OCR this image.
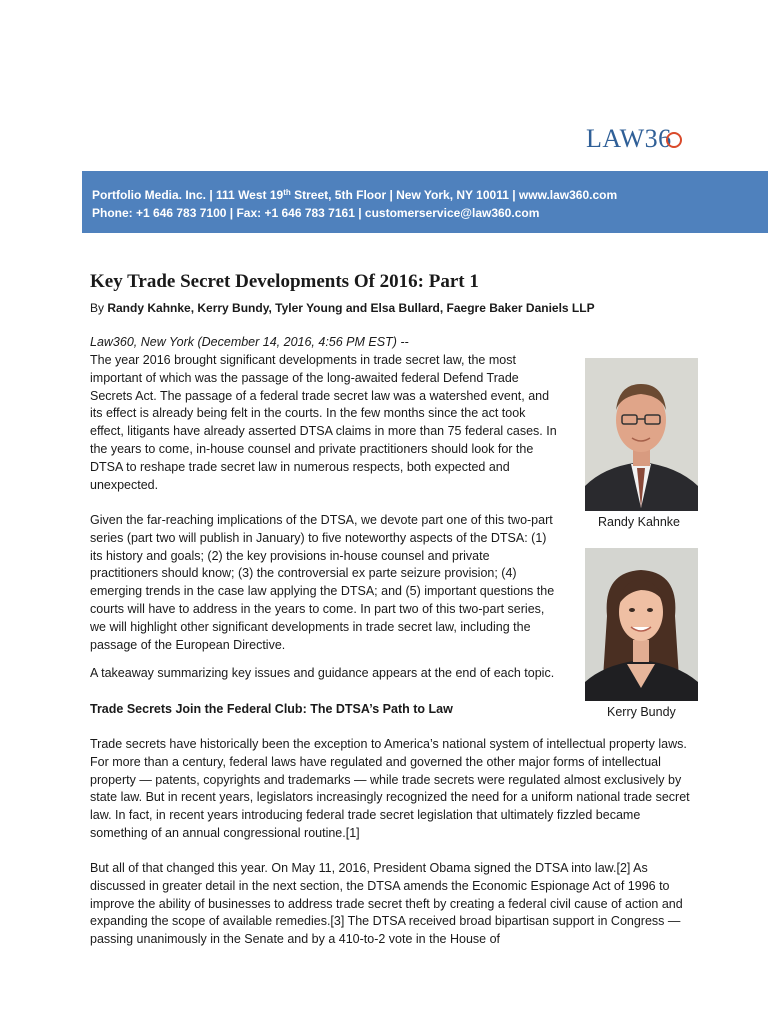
LAW36
Portfolio Media. Inc. | 111 West 19th Street, 5th Floor | New York, NY 10011 | www.law360.com
Phone: +1 646 783 7100 | Fax: +1 646 783 7161 | customerservice@law360.com
Key Trade Secret Developments Of 2016: Part 1
By Randy Kahnke, Kerry Bundy, Tyler Young and Elsa Bullard, Faegre Baker Daniels LLP
Law360, New York (December 14, 2016, 4:56 PM EST) --

The year 2016 brought significant developments in trade secret law, the most important of which was the passage of the long-awaited federal Defend Trade Secrets Act. The passage of a federal trade secret law was a watershed event, and its effect is already being felt in the courts. In the few months since the act took effect, litigants have already asserted DTSA claims in more than 75 federal cases. In the years to come, in-house counsel and private practitioners should look for the DTSA to reshape trade secret law in numerous respects, both expected and unexpected.

Given the far-reaching implications of the DTSA, we devote part one of this two-part series (part two will publish in January) to five noteworthy aspects of the DTSA: (1) its history and goals; (2) the key provisions in-house counsel and private practitioners should know; (3) the controversial ex parte seizure provision; (4) emerging trends in the case law applying the DTSA; and (5) important questions the courts will have to address in the years to come. In part two of this two-part series, we will highlight other significant developments in trade secret law, including the passage of the European Directive.

A takeaway summarizing key issues and guidance appears at the end of each topic.

Trade Secrets Join the Federal Club: The DTSA’s Path to Law

Trade secrets have historically been the exception to America’s national system of intellectual property laws. For more than a century, federal laws have regulated and governed the other major forms of intellectual property — patents, copyrights and trademarks — while trade secrets were regulated almost exclusively by state law. But in recent years, legislators increasingly recognized the need for a uniform national trade secret law. In fact, in recent years introducing federal trade secret legislation that ultimately fizzled became something of an annual congressional routine.[1]

But all of that changed this year. On May 11, 2016, President Obama signed the DTSA into law.[2] As discussed in greater detail in the next section, the DTSA amends the Economic Espionage Act of 1996 to improve the ability of businesses to address trade secret theft by creating a federal civil cause of action and expanding the scope of available remedies.[3] The DTSA received broad bipartisan support in Congress — passing unanimously in the Senate and by a 410-to-2 vote in the House of

Randy Kahnke
Kerry Bundy
